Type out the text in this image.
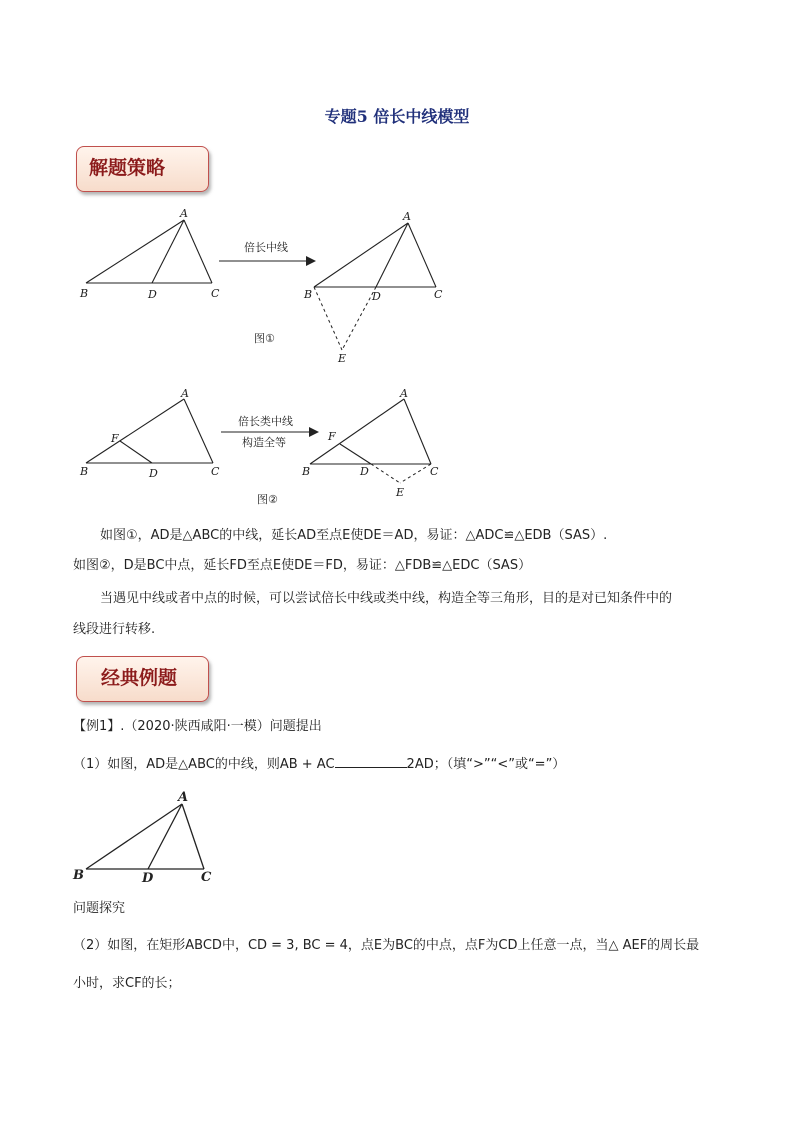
专题5 倍长中线模型
解题策略
A
B	D	C
倍长中线
A
B	D	C
E
图①
A
F
B	D	C
倍长类中线
构造全等
A
F
B	D	C
E
图②
如图①，AD是△ABC的中线，延长AD至点E使DE＝AD，易证：△ADC≌△EDB（SAS）.
如图②，D是BC中点，延长FD至点E使DE＝FD，易证：△FDB≌△EDC（SAS）
当遇见中线或者中点的时候，可以尝试倍长中线或类中线，构造全等三角形，目的是对已知条件中的
线段进行转移.
经典例题
【例1】.（2020·陕西咸阳·一模）问题提出
（1）如图，AD是△ABC的中线，则AB + AC	2AD；（填“>”“<”或“=”）
A
B	D	C
问题探究
（2）如图，在矩形ABCD中，CD = 3, BC = 4，点E为BC的中点，点F为CD上任意一点，当△ AEF的周长最
小时，求CF的长；
